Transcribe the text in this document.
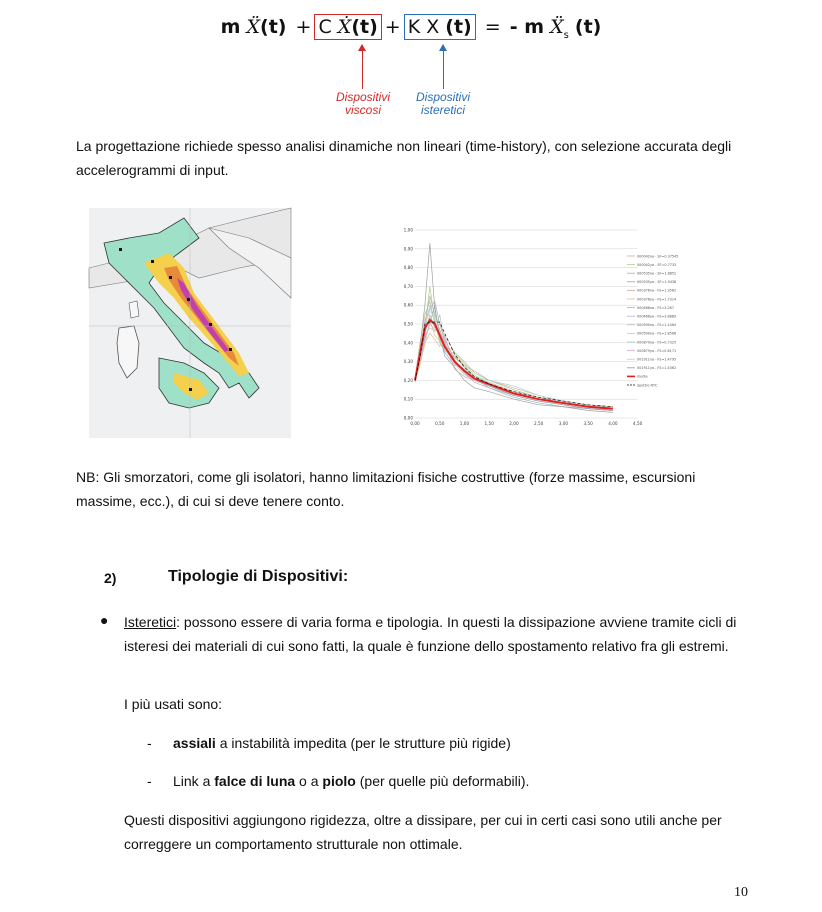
m Ẍ(t) + C Ẋ(t) + K X (t) = - m Ẍ$_s$ (t)
Dispositivi viscosi
Dispositivi isteretici

La progettazione richiede spesso analisi dinamiche non lineari (time-history), con selezione accurata degli accelerogrammi di input.

0,00
0,10
0,20
0,30
0,40
0,50
0,60
0,70
0,80
0,90
1,00
0,00	0,50	1,00	1,50	2,00	2,50	3,00	3,50	4,00	4,50
000042xa - SF=0.37545
000042ya - SF=0.7733
000535xa - SF=1.8852
000535ya - SF=1.9438
000376xa - FS=1.3582
000376ya - FS=1.7314
000466xa - FS=3.267
000466ya - FS=3.8889
000590xa - FS=1.1464
000590ya - FS=1.8566
000879xa - FS=0.7325
000879ya - FS=0.6171
001911xa - FS=1.4795
001911ya - FS=1.4362
media
Spettro NTC

NB: Gli smorzatori, come gli isolatori, hanno limitazioni fisiche costruttive (forze massime, escursioni massime, ecc.), di cui si deve tenere conto.

2)	Tipologie di Dispositivi:
● Isteretici: possono essere di varia forma e tipologia. In questi la dissipazione avviene tramite cicli di isteresi dei materiali di cui sono fatti, la quale è funzione dello spostamento relativo fra gli estremi.

I più usati sono:

- assiali a instabilità impedita (per le strutture più rigide)

- Link a falce di luna o a piolo (per quelle più deformabili).

Questi dispositivi aggiungono rigidezza, oltre a dissipare, per cui in certi casi sono utili anche per correggere un comportamento strutturale non ottimale.

10
